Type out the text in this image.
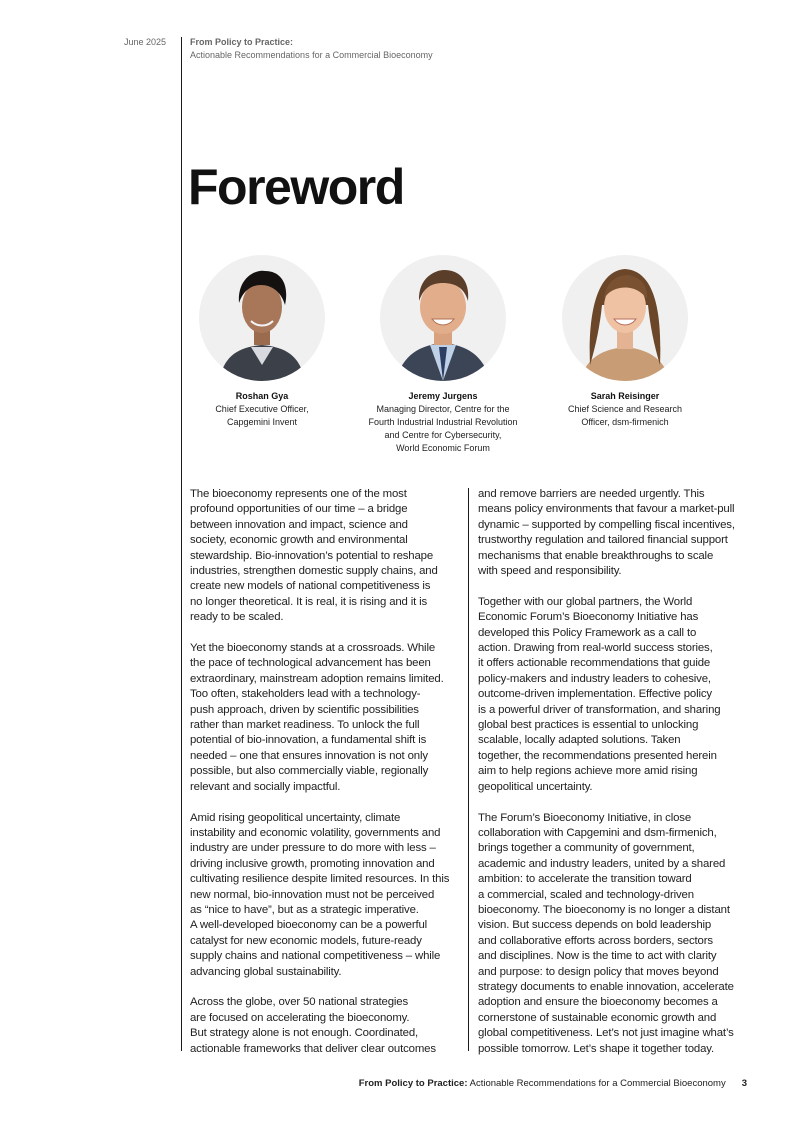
June 2025	From Policy to Practice:
Actionable Recommendations for a Commercial Bioeconomy
Foreword
Roshan Gya
Chief Executive Officer,
Capgemini Invent
Jeremy Jurgens
Managing Director, Centre for the
Fourth Industrial Industrial Revolution
and Centre for Cybersecurity,
World Economic Forum
Sarah Reisinger
Chief Science and Research
Officer, dsm-firmenich

The bioeconomy represents one of the most
profound opportunities of our time – a bridge
between innovation and impact, science and
society, economic growth and environmental
stewardship. Bio-innovation’s potential to reshape
industries, strengthen domestic supply chains, and
create new models of national competitiveness is
no longer theoretical. It is real, it is rising and it is
ready to be scaled.

Yet the bioeconomy stands at a crossroads. While
the pace of technological advancement has been
extraordinary, mainstream adoption remains limited.
Too often, stakeholders lead with a technology-
push approach, driven by scientific possibilities
rather than market readiness. To unlock the full
potential of bio-innovation, a fundamental shift is
needed – one that ensures innovation is not only
possible, but also commercially viable, regionally
relevant and socially impactful.

Amid rising geopolitical uncertainty, climate
instability and economic volatility, governments and
industry are under pressure to do more with less –
driving inclusive growth, promoting innovation and
cultivating resilience despite limited resources. In this
new normal, bio-innovation must not be perceived
as “nice to have”, but as a strategic imperative.
A well-developed bioeconomy can be a powerful
catalyst for new economic models, future-ready
supply chains and national competitiveness – while
advancing global sustainability.

Across the globe, over 50 national strategies
are focused on accelerating the bioeconomy.
But strategy alone is not enough. Coordinated,
actionable frameworks that deliver clear outcomes

and remove barriers are needed urgently. This
means policy environments that favour a market-pull
dynamic – supported by compelling fiscal incentives,
trustworthy regulation and tailored financial support
mechanisms that enable breakthroughs to scale
with speed and responsibility.

Together with our global partners, the World
Economic Forum’s Bioeconomy Initiative has
developed this Policy Framework as a call to
action. Drawing from real-world success stories,
it offers actionable recommendations that guide
policy-makers and industry leaders to cohesive,
outcome-driven implementation. Effective policy
is a powerful driver of transformation, and sharing
global best practices is essential to unlocking
scalable, locally adapted solutions. Taken
together, the recommendations presented herein
aim to help regions achieve more amid rising
geopolitical uncertainty.

The Forum’s Bioeconomy Initiative, in close
collaboration with Capgemini and dsm-firmenich,
brings together a community of government,
academic and industry leaders, united by a shared
ambition: to accelerate the transition toward
a commercial, scaled and technology-driven
bioeconomy. The bioeconomy is no longer a distant
vision. But success depends on bold leadership
and collaborative efforts across borders, sectors
and disciplines. Now is the time to act with clarity
and purpose: to design policy that moves beyond
strategy documents to enable innovation, accelerate
adoption and ensure the bioeconomy becomes a
cornerstone of sustainable economic growth and
global competitiveness. Let’s not just imagine what’s
possible tomorrow. Let’s shape it together today.

From Policy to Practice: Actionable Recommendations for a Commercial Bioeconomy 3
